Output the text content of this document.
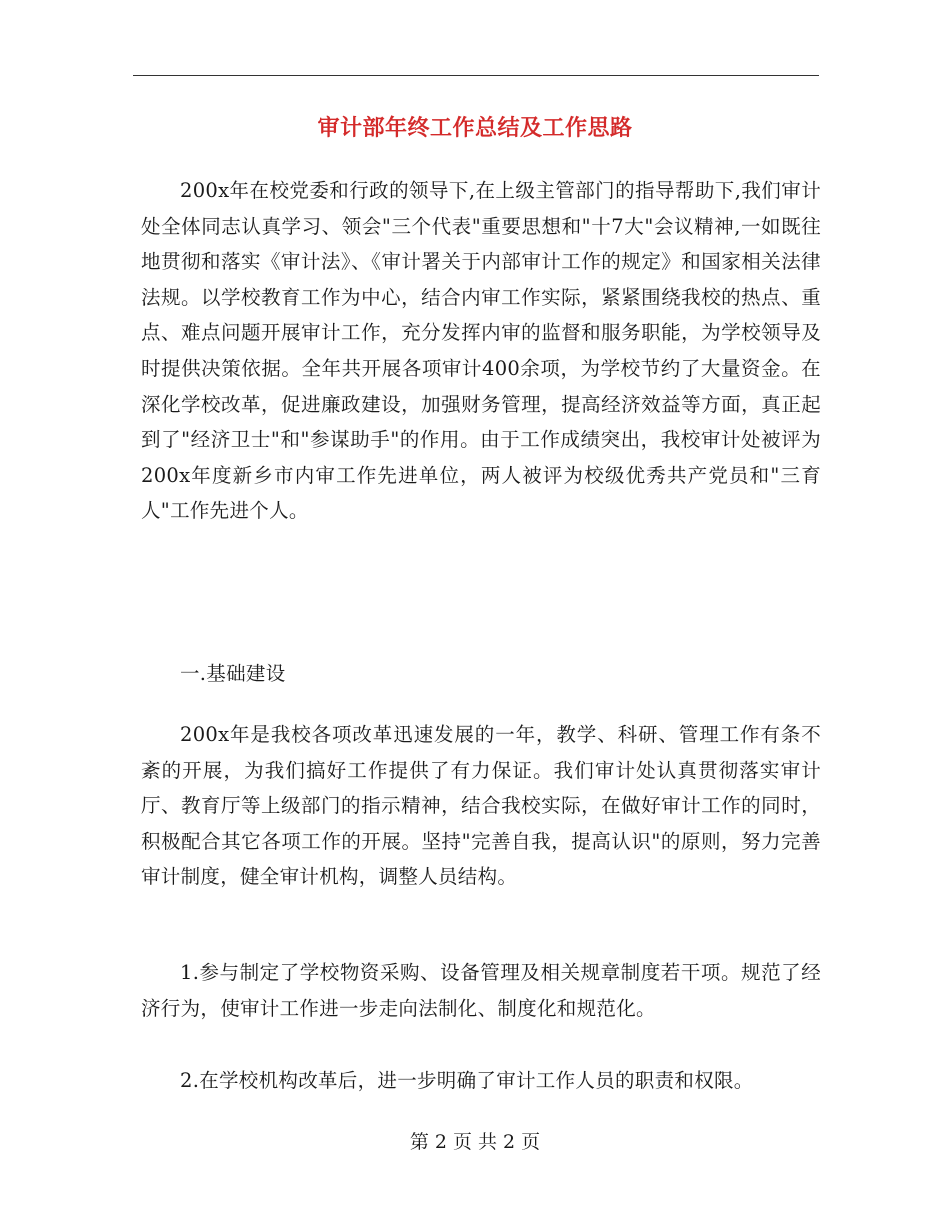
审计部年终工作总结及工作思路

200x年在校党委和行政的领导下,在上级主管部门的指导帮助下,我们审计处全体同志认真学习、领会"三个代表"重要思想和"十7大"会议精神,一如既往地贯彻和落实《审计法》、《审计署关于内部审计工作的规定》和国家相关法律法规。以学校教育工作为中心，结合内审工作实际，紧紧围绕我校的热点、重点、难点问题开展审计工作，充分发挥内审的监督和服务职能，为学校领导及时提供决策依据。全年共开展各项审计400余项，为学校节约了大量资金。在深化学校改革，促进廉政建设，加强财务管理，提高经济效益等方面，真正起到了"经济卫士"和"参谋助手"的作用。由于工作成绩突出，我校审计处被评为200x年度新乡市内审工作先进单位，两人被评为校级优秀共产党员和"三育人"工作先进个人。

一.基础建设

200x年是我校各项改革迅速发展的一年，教学、科研、管理工作有条不紊的开展，为我们搞好工作提供了有力保证。我们审计处认真贯彻落实审计厅、教育厅等上级部门的指示精神，结合我校实际，在做好审计工作的同时，积极配合其它各项工作的开展。坚持"完善自我，提高认识"的原则，努力完善审计制度，健全审计机构，调整人员结构。

1.参与制定了学校物资采购、设备管理及相关规章制度若干项。规范了经济行为，使审计工作进一步走向法制化、制度化和规范化。

2.在学校机构改革后，进一步明确了审计工作人员的职责和权限。

第 2 页 共 2 页
